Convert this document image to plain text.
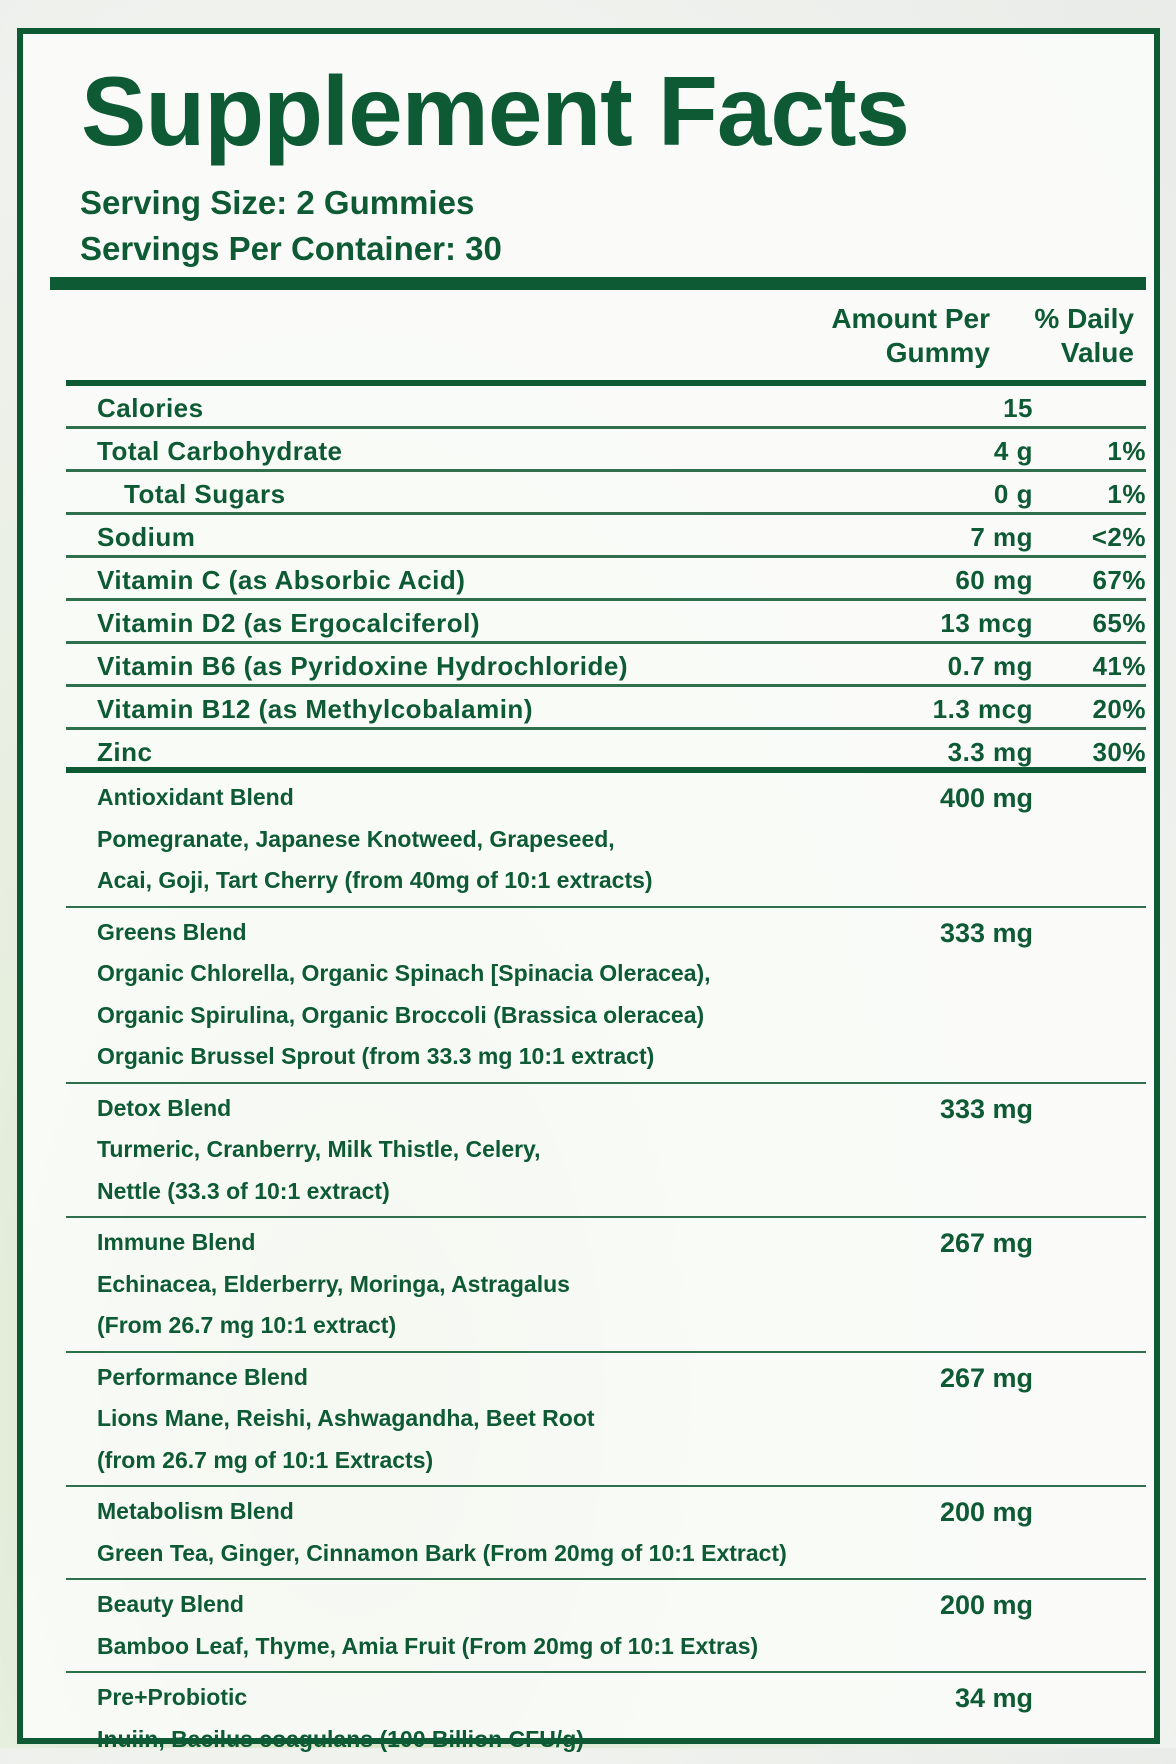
Supplement Facts
Serving Size: 2 Gummies
Servings Per Container: 30
Amount Per
Gummy
% Daily
Value
Calories	15
Total Carbohydrate	4 g	1%
Total Sugars	0 g	1%
Sodium	7 mg <2%
Vitamin C (as Absorbic Acid)	60 mg 67%
Vitamin D2 (as Ergocalciferol)	13 mcg 65%
Vitamin B6 (as Pyridoxine Hydrochloride)	0.7 mg 41%
Vitamin B12 (as Methylcobalamin)	1.3 mcg 20%
Zinc	3.3 mg 30%
Antioxidant Blend	400 mg
Pomegranate, Japanese Knotweed, Grapeseed,
Acai, Goji, Tart Cherry (from 40mg of 10:1 extracts)
Greens Blend	333 mg
Organic Chlorella, Organic Spinach [Spinacia Oleracea),
Organic Spirulina, Organic Broccoli (Brassica oleracea)
Organic Brussel Sprout (from 33.3 mg 10:1 extract)
Detox Blend	333 mg
Turmeric, Cranberry, Milk Thistle, Celery,
Nettle (33.3 of 10:1 extract)
Immune Blend	267 mg
Echinacea, Elderberry, Moringa, Astragalus
(From 26.7 mg 10:1 extract)
Performance Blend	267 mg
Lions Mane, Reishi, Ashwagandha, Beet Root
(from 26.7 mg of 10:1 Extracts)
Metabolism Blend	200 mg
Green Tea, Ginger, Cinnamon Bark (From 20mg of 10:1 Extract)
Beauty Blend	200 mg
Bamboo Leaf, Thyme, Amia Fruit (From 20mg of 10:1 Extras)
Pre+Probiotic	34 mg
Inuiin, Bacilus coagulans (100 Billion CFU/g)
